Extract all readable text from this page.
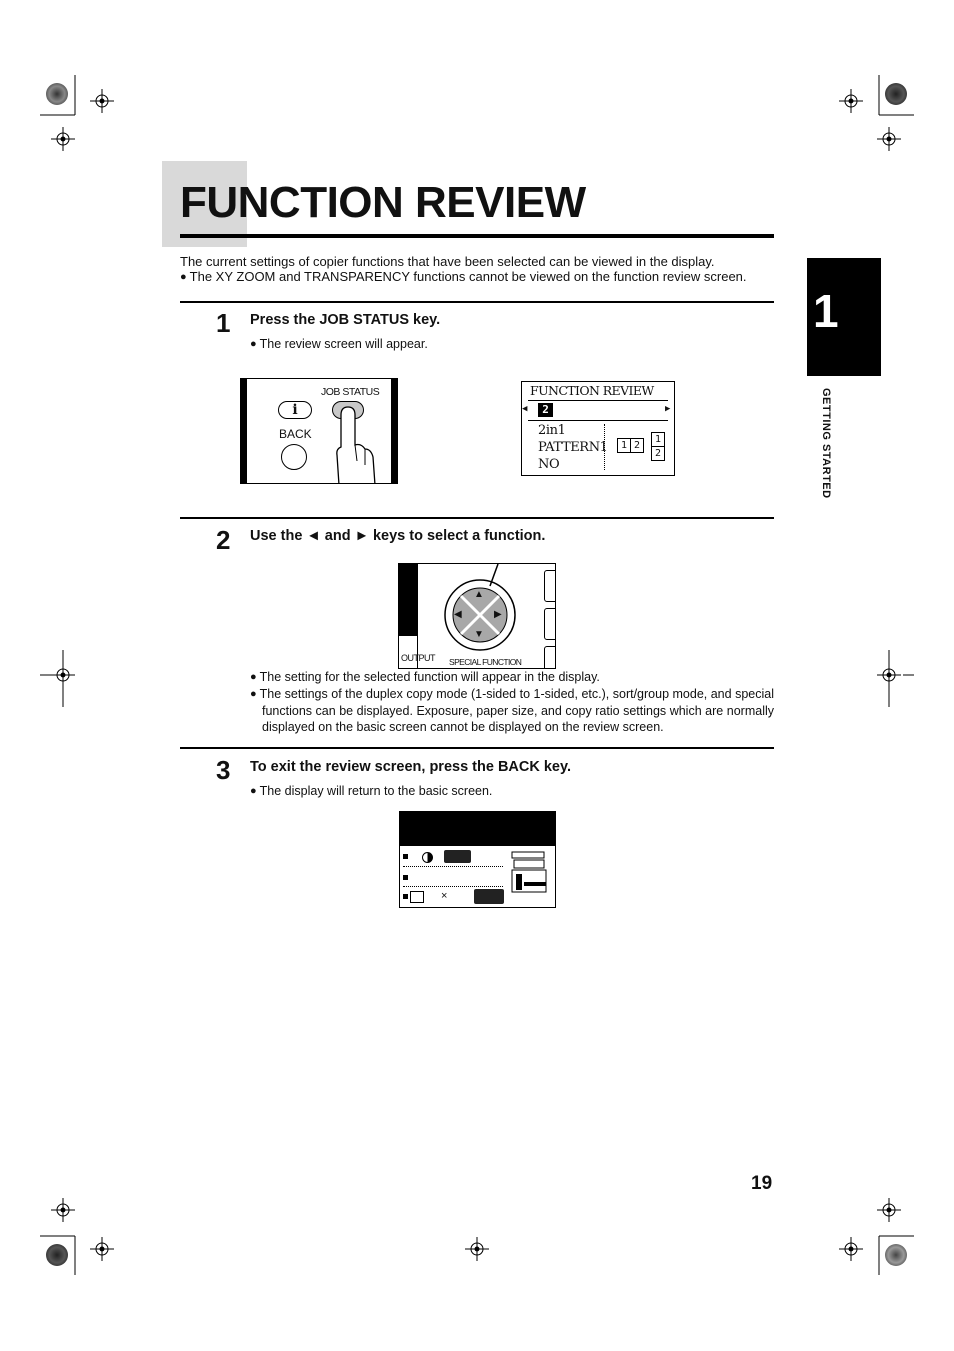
FUNCTION REVIEW
The current settings of copier functions that have been selected can be viewed in the display.
● The XY ZOOM and TRANSPARENCY functions cannot be viewed on the function review screen.
1
GETTING STARTED
1 Press the JOB STATUS key.
● The review screen will appear.
i
BACK
JOB STATUS	FUNCTION REVIEW
◀	▶
2
2in1
PATTERN1
NO
1 2
1
2
2 Use the ◄ and ► keys to select a function.
▲
▼
◀	▶
OUTPUT SPECIAL FUNCTION
● The setting for the selected function will appear in the display.
● The settings of the duplex copy mode (1-sided to 1-sided, etc.), sort/group mode, and special functions can be displayed. Exposure, paper size, and copy ratio settings which are normally displayed on the basic screen cannot be displayed on the review screen.
3 To exit the review screen, press the BACK key.
● The display will return to the basic screen.
×
19
